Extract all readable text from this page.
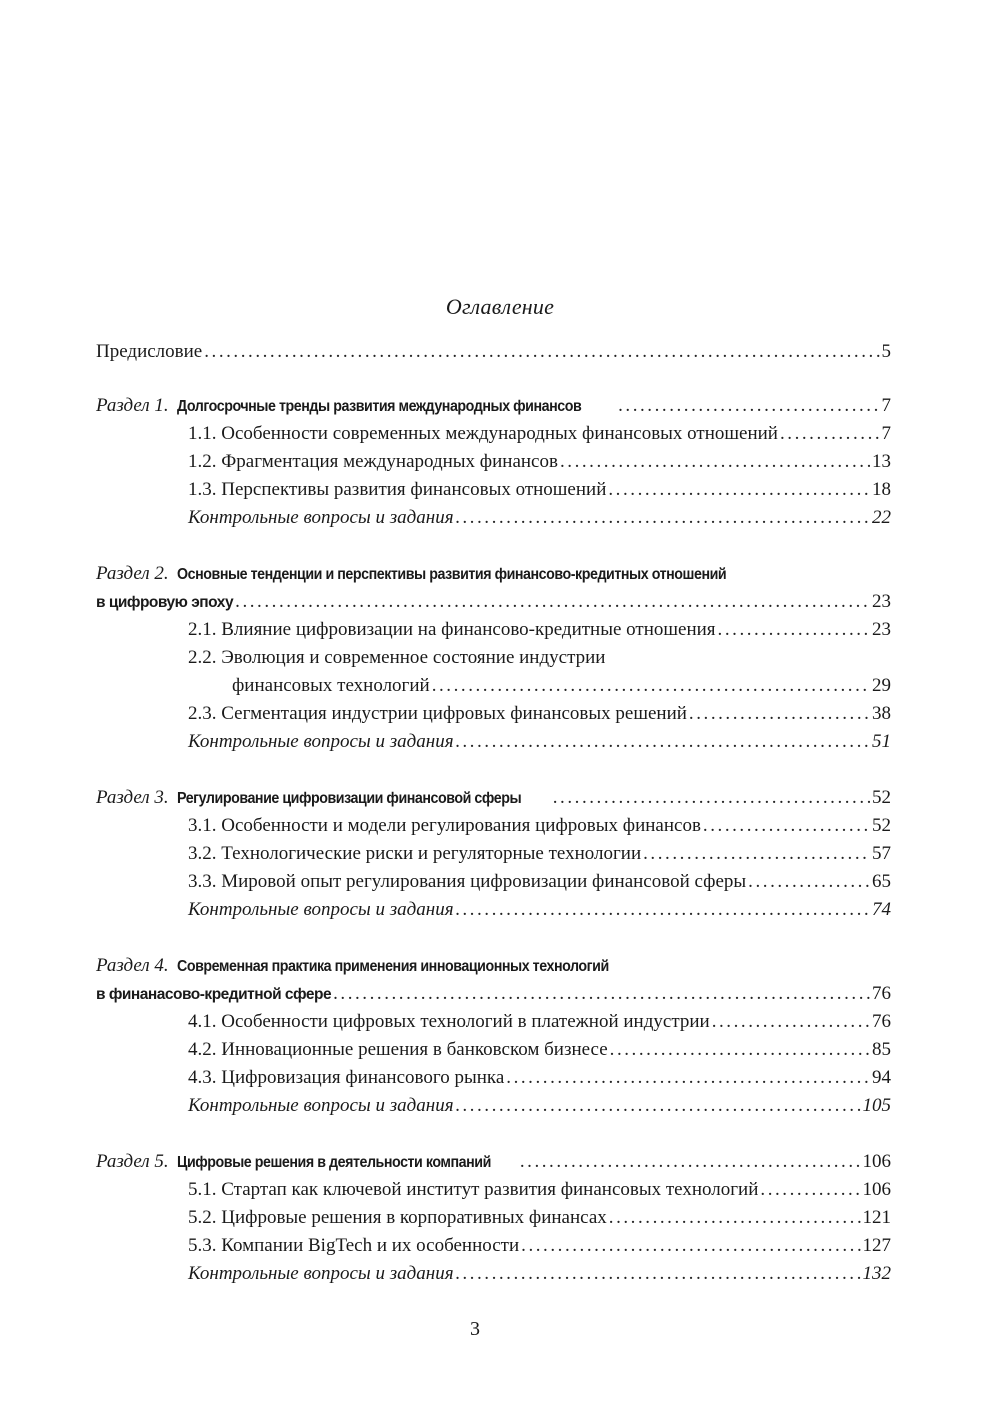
Оглавление
Предисловие . . .	5
Раздел 1. Долгосрочные тренды развития международных финансов . . .	7
1.1. Особенности современных международных финансовых отношений . . .	7
1.2. Фрагментация международных финансов . . .	13
1.3. Перспективы развития финансовых отношений . . .	18
Контрольные вопросы и задания . . .	22
Раздел 2. Основные тенденции и перспективы развития финансово-кредитных отношений
в цифровую эпоху . . .	23
2.1. Влияние цифровизации на финансово-кредитные отношения . . .	23
2.2. Эволюция и современное состояние индустрии
финансовых технологий . . .	29
2.3. Сегментация индустрии цифровых финансовых решений . . .	38
Контрольные вопросы и задания . . .	51
Раздел 3. Регулирование цифровизации финансовой сферы . . .	52
3.1. Особенности и модели регулирования цифровых финансов . . .	52
3.2. Технологические риски и регуляторные технологии . . .	57
3.3. Мировой опыт регулирования цифровизации финансовой сферы . . .	65
Контрольные вопросы и задания . . .	74
Раздел 4. Современная практика применения инновационных технологий
в финанасово-кредитной сфере . . .	76
4.1. Особенности цифровых технологий в платежной индустрии . . .	76
4.2. Инновационные решения в банковском бизнесе . . .	85
4.3. Цифровизация финансового рынка . . .	94
Контрольные вопросы и задания . . .	105
Раздел 5. Цифровые решения в деятельности компаний . . .	106
5.1. Стартап как ключевой институт развития финансовых технологий . . .	106
5.2. Цифровые решения в корпоративных финансах . . .	121
5.3. Компании BigTech и их особенности . . .	127
Контрольные вопросы и задания . . .	132
3
